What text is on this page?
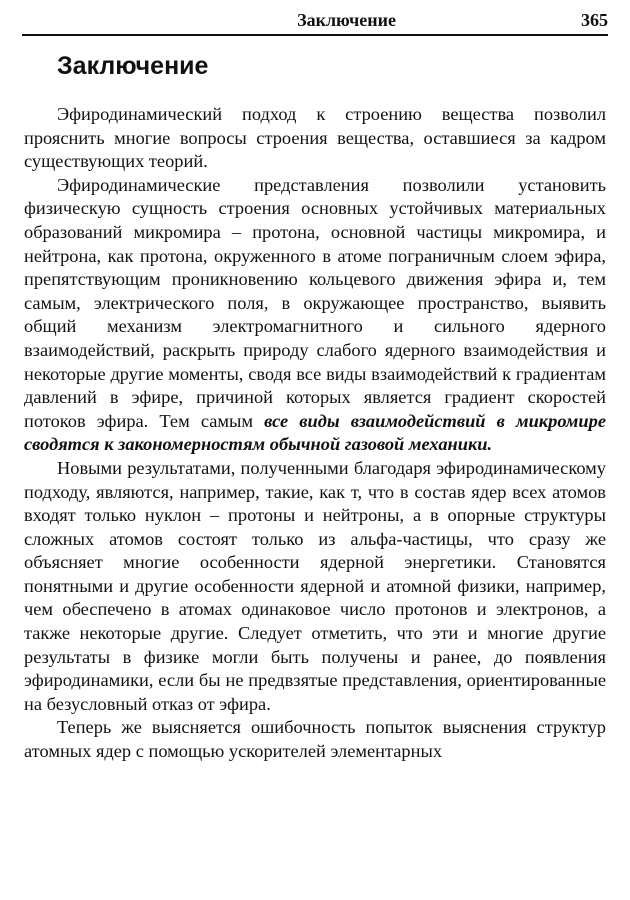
Заключение	365
Заключение

Эфиродинамический подход к строению вещества позволил прояснить многие вопросы строения вещества, оставшиеся за кадром существующих теорий.

Эфиродинамические представления позволили установить физическую сущность строения основных устойчивых материальных образований микромира – протона, основной частицы микромира, и нейтрона, как протона, окруженного в атоме пограничным слоем эфира, препятствующим проникновению кольцевого движения эфира и, тем самым, электрического поля, в окружающее пространство, выявить общий механизм электромагнитного и сильного ядерного взаимодействий, раскрыть природу слабого ядерного взаимодействия и некоторые другие моменты, сводя все виды взаимодействий к градиентам давлений в эфире, причиной которых является градиент скоростей потоков эфира. Тем самым все виды взаимодействий в микромире сводятся к закономерностям обычной газовой механики.

Новыми результатами, полученными благодаря эфиродинамическому подходу, являются, например, такие, как т, что в состав ядер всех атомов входят только нуклон – протоны и нейтроны, а в опорные структуры сложных атомов состоят только из альфа-частицы, что сразу же объясняет многие особенности ядерной энергетики. Становятся понятными и другие особенности ядерной и атомной физики, например, чем обеспечено в атомах одинаковое число протонов и электронов, а также некоторые другие. Следует отметить, что эти и многие другие результаты в физике могли быть получены и ранее, до появления эфиродинамики, если бы не предвзятые представления, ориентированные на безусловный отказ от эфира.

Теперь же выясняется ошибочность попыток выяснения структур атомных ядер с помощью ускорителей элементарных
